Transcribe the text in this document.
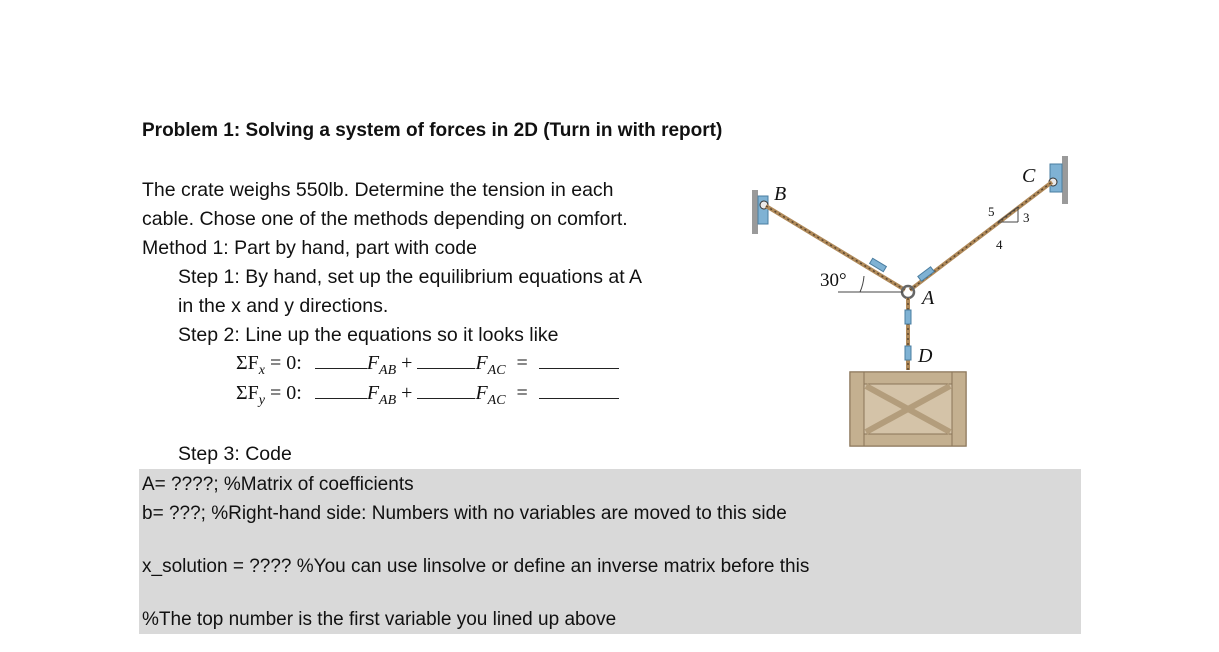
Problem 1: Solving a system of forces in 2D (Turn in with report)
The crate weighs 550lb. Determine the tension in each
cable. Chose one of the methods depending on comfort.
Method 1: Part by hand, part with code
Step 1: By hand, set up the equilibrium equations at A
in the x and y directions.
Step 2: Line up the equations so it looks like
$\Sigma F_x = 0$:	$F_{AB}$ +	$F_{AC}$ =
$\Sigma F_y = 0$:	$F_{AB}$ +	$F_{AC}$ =
Step 3: Code
A= ????; %Matrix of coefficients
b= ???; %Right-hand side: Numbers with no variables are moved to this side
x_solution = ???? %You can use linsolve or define an inverse matrix before this
%The top number is the first variable you lined up above
B
C
A
D
30°
5 3
4
